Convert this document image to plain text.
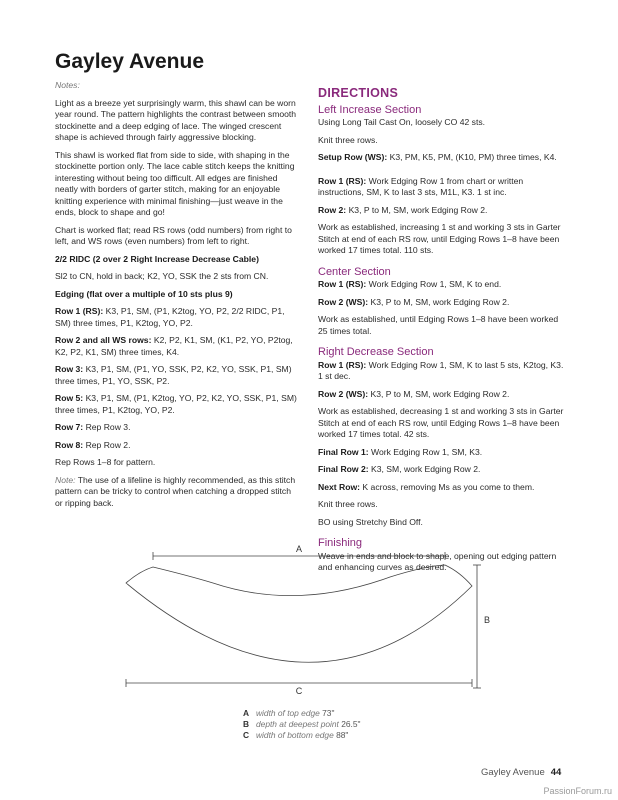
Gayley Avenue

Notes:

Light as a breeze yet surprisingly warm, this shawl can be worn year round. The pattern highlights the contrast between smooth stockinette and a deep edging of lace. The winged crescent shape is achieved through fairly aggressive blocking.

This shawl is worked flat from side to side, with shaping in the stockinette portion only. The lace cable stitch keeps the knitting interesting without being too difficult. All edges are finished neatly with borders of garter stitch, making for an enjoyable knitting experience with minimal finishing—just weave in the ends, block to shape and go!

Chart is worked flat; read RS rows (odd numbers) from right to left, and WS rows (even numbers) from left to right.

2/2 RIDC (2 over 2 Right Increase Decrease Cable)

Sl2 to CN, hold in back; K2, YO, SSK the 2 sts from CN.

Edging (flat over a multiple of 10 sts plus 9)

Row 1 (RS): K3, P1, SM, (P1, K2tog, YO, P2, 2/2 RIDC, P1, SM) three times, P1, K2tog, YO, P2.

Row 2 and all WS rows: K2, P2, K1, SM, (K1, P2, YO, P2tog, K2, P2, K1, SM) three times, K4.

Row 3: K3, P1, SM, (P1, YO, SSK, P2, K2, YO, SSK, P1, SM) three times, P1, YO, SSK, P2.

Row 5: K3, P1, SM, (P1, K2tog, YO, P2, K2, YO, SSK, P1, SM) three times, P1, K2tog, YO, P2.

Row 7: Rep Row 3.

Row 8: Rep Row 2.

Rep Rows 1–8 for pattern.

Note: The use of a lifeline is highly recommended, as this stitch pattern can be tricky to control when catching a dropped stitch or ripping back.

DIRECTIONS
Left Increase Section

Using Long Tail Cast On, loosely CO 42 sts.

Knit three rows.

Setup Row (WS): K3, PM, K5, PM, (K10, PM) three times, K4.

Row 1 (RS): Work Edging Row 1 from chart or written instructions, SM, K to last 3 sts, M1L, K3. 1 st inc.

Row 2: K3, P to M, SM, work Edging Row 2.

Work as established, increasing 1 st and working 3 sts in Garter Stitch at end of each RS row, until Edging Rows 1–8 have been worked 17 times total. 110 sts.

Center Section

Row 1 (RS): Work Edging Row 1, SM, K to end.

Row 2 (WS): K3, P to M, SM, work Edging Row 2.

Work as established, until Edging Rows 1–8 have been worked 25 times total.

Right Decrease Section

Row 1 (RS): Work Edging Row 1, SM, K to last 5 sts, K2tog, K3. 1 st dec.

Row 2 (WS): K3, P to M, SM, work Edging Row 2.

Work as established, decreasing 1 st and working 3 sts in Garter Stitch at end of each RS row, until Edging Rows 1–8 have been worked 17 times total. 42 sts.

Final Row 1: Work Edging Row 1, SM, K3.

Final Row 2: K3, SM, work Edging Row 2.

Next Row: K across, removing Ms as you come to them.

Knit three rows.

BO using Stretchy Bind Off.

Finishing

Weave in ends and block to shape, opening out edging pattern and enhancing curves as desired.

A
B
C
A width of top edge 73"
B depth at deepest point 26.5"
C width of bottom edge 88"
Gayley Avenue 44
PassionForum.ru
